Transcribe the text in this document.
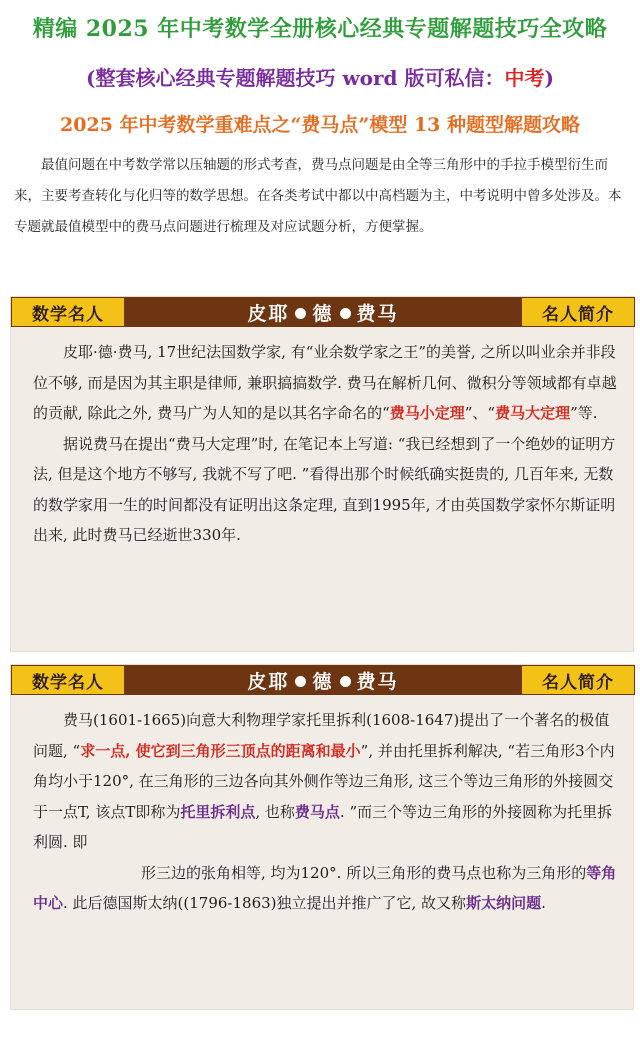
精编 2025 年中考数学全册核心经典专题解题技巧全攻略
(整套核心经典专题解题技巧 word 版可私信：中考)
2025 年中考数学重难点之“费马点”模型 13 种题型解题攻略
最值问题在中考数学常以压轴题的形式考查，费马点问题是由全等三角形中的手拉手模型衍生而来，主要考查转化与化归等的数学思想。在各类考试中都以中高档题为主，中考说明中曾多处涉及。本专题就最值模型中的费马点问题进行梳理及对应试题分析，方便掌握。
数学名人	皮耶 德 费马	名人简介

皮耶·德·费马, 17世纪法国数学家, 有“业余数学家之王”的美誉, 之所以叫业余并非段位不够, 而是因为其主职是律师, 兼职搞搞数学. 费马在解析几何、微积分等领域都有卓越的贡献, 除此之外, 费马广为人知的是以其名字命名的“费马小定理”、“费马大定理”等.

据说费马在提出“费马大定理”时, 在笔记本上写道: “我已经想到了一个绝妙的证明方法, 但是这个地方不够写, 我就不写了吧. ”看得出那个时候纸确实挺贵的, 几百年来, 无数的数学家用一生的时间都没有证明出这条定理, 直到1995年, 才由英国数学家怀尔斯证明出来, 此时费马已经逝世330年.

数学名人	皮耶 德 费马	名人简介

费马(1601-1665)向意大利物理学家托里拆利(1608-1647)提出了一个著名的极值问题, “求一点, 使它到三角形三顶点的距离和最小”, 并由托里拆利解决, “若三角形3个内角均小于120°, 在三角形的三边各向其外侧作等边三角形, 这三个等边三角形的外接圆交于一点T, 该点T即称为托里拆利点, 也称费马点. ”而三个等边三角形的外接圆称为托里拆利圆. 即
形三边的张角相等, 均为120°. 所以三角形的费马点也称为三角形的等角中心. 此后德国斯太纳((1796-1863)独立提出并推广了它, 故又称斯太纳问题.
